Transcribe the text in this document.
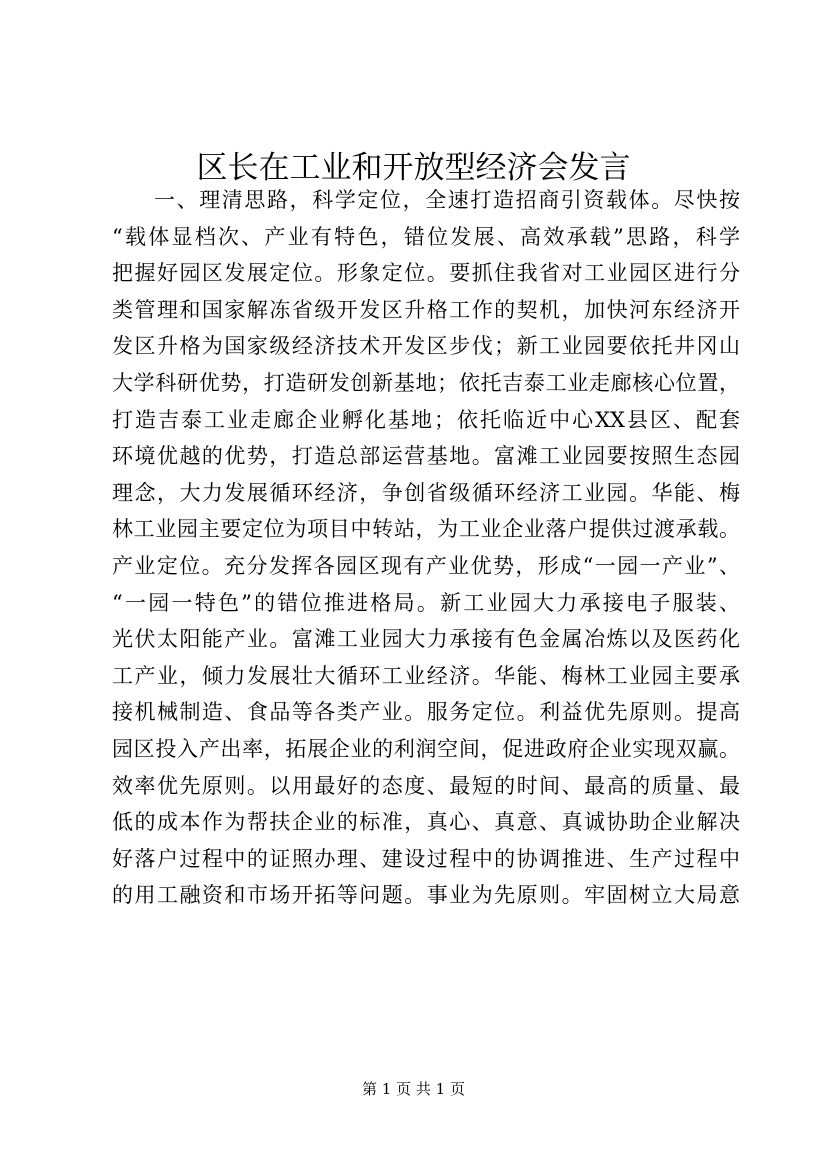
区长在工业和开放型经济会发言
一、理清思路，科学定位，全速打造招商引资载体。尽快按
“载体显档次、产业有特色，错位发展、高效承载”思路，科学
把握好园区发展定位。形象定位。要抓住我省对工业园区进行分
类管理和国家解冻省级开发区升格工作的契机，加快河东经济开
发区升格为国家级经济技术开发区步伐；新工业园要依托井冈山
大学科研优势，打造研发创新基地；依托吉泰工业走廊核心位置，
打造吉泰工业走廊企业孵化基地；依托临近中心XX县区、配套
环境优越的优势，打造总部运营基地。富滩工业园要按照生态园
理念，大力发展循环经济，争创省级循环经济工业园。华能、梅
林工业园主要定位为项目中转站，为工业企业落户提供过渡承载。
产业定位。充分发挥各园区现有产业优势，形成“一园一产业”、
“一园一特色”的错位推进格局。新工业园大力承接电子服装、
光伏太阳能产业。富滩工业园大力承接有色金属冶炼以及医药化
工产业，倾力发展壮大循环工业经济。华能、梅林工业园主要承
接机械制造、食品等各类产业。服务定位。利益优先原则。提高
园区投入产出率，拓展企业的利润空间，促进政府企业实现双赢。
效率优先原则。以用最好的态度、最短的时间、最高的质量、最
低的成本作为帮扶企业的标准，真心、真意、真诚协助企业解决
好落户过程中的证照办理、建设过程中的协调推进、生产过程中
的用工融资和市场开拓等问题。事业为先原则。牢固树立大局意
第 1 页 共 1 页
